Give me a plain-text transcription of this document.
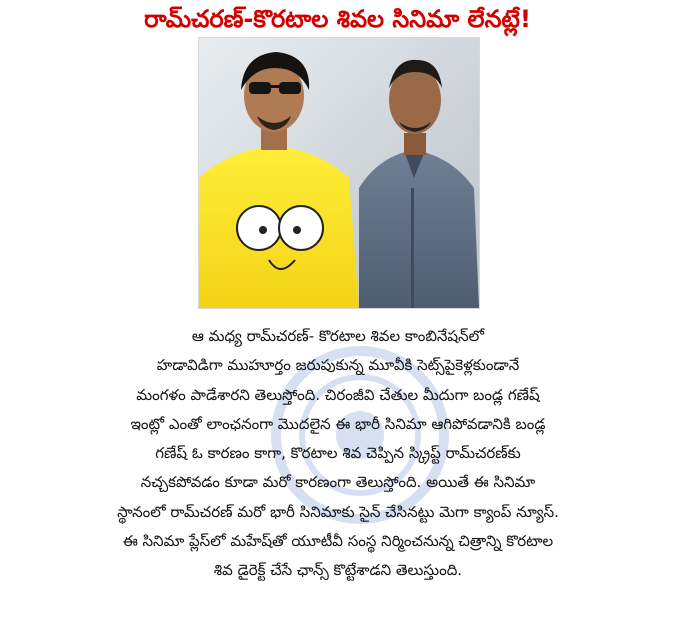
రామ్‌చరణ్-కొరటాల శివల సినిమా లేనట్లే!

ఆ మధ్య రామ్‌చరణ్- కొరటాల శివల కాంబినేషన్‌లో

హడావిడిగా ముహూర్తం జరుపుకున్న మూవీకి సెట్స్‌పైకెళ్లకుండానే

మంగళం పాడేశారని తెలుస్తోంది. చిరంజీవి చేతుల మీదుగా బండ్ల గణేష్

ఇంట్లో ఎంతో లాంఛనంగా మొదలైన ఈ భారీ సినిమా ఆగిపోవడానికి బండ్ల

గణేష్ ఓ కారణం కాగా, కొరటాల శివ చెప్పిన స్క్రిప్ట్ రామ్‌చరణ్‌కు

నచ్చకపోవడం కూడా మరో కారణంగా తెలుస్తోంది. అయితే ఈ సినిమా

స్థానంలో రామ్‌చరణ్ మరో భారీ సినిమాకు సైన్ చేసినట్టు మెగా క్యాంప్ న్యూస్.

ఈ సినిమా ప్లేస్‌లో మహేష్‌తో యూటీవీ సంస్థ నిర్మించనున్న చిత్రాన్ని కొరటాల

శివ డైరెక్ట్ చేసే ఛాన్స్ కొట్టేశాడని తెలుస్తుంది.
